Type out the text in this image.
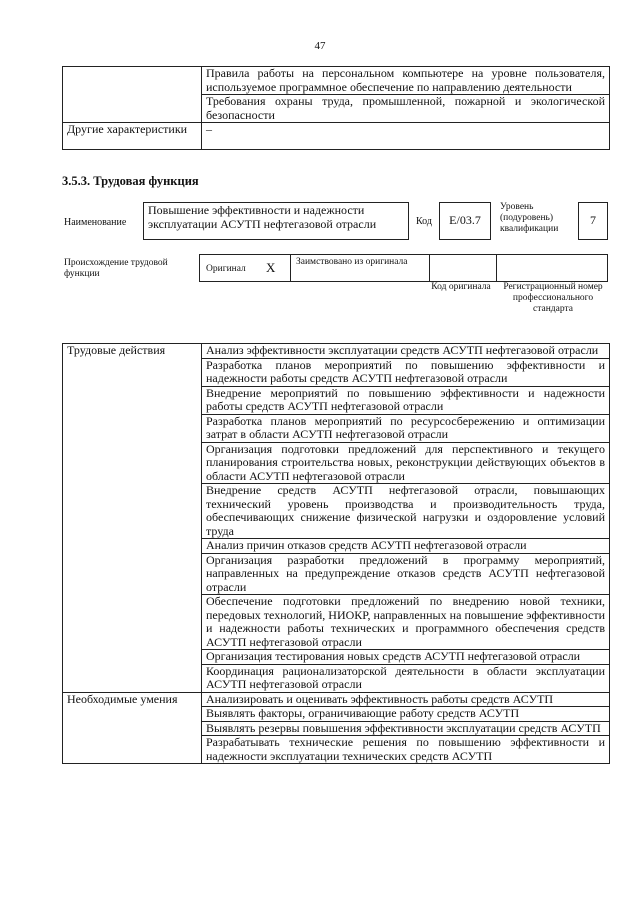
47
	Правила работы на персональном компьютере на уровне пользователя, используемое программное обеспечение по направлению деятельности
	Требования охраны труда, промышленной, пожарной и экологической безопасности
Другие характеристики	–
3.5.3. Трудовая функция
Наименование
Повышение эффективности и надежности эксплуатации АСУТП нефтегазовой отрасли	Код	E/03.7
Уровень (подуровень) квалификации
7
Происхождение трудовой функции	Оригинал X Заимствовано из оригинала
Код оригинала	Регистрационный номер профессионального стандарта
Трудовые действия	Анализ эффективности эксплуатации средств АСУТП нефтегазовой отрасли
	Разработка планов мероприятий по повышению эффективности и надежности работы средств АСУТП нефтегазовой отрасли
	Внедрение мероприятий по повышению эффективности и надежности работы средств АСУТП нефтегазовой отрасли
	Разработка планов мероприятий по ресурсосбережению и оптимизации затрат в области АСУТП нефтегазовой отрасли
	Организация подготовки предложений для перспективного и текущего планирования строительства новых, реконструкции действующих объектов в области АСУТП нефтегазовой отрасли
	Внедрение средств АСУТП нефтегазовой отрасли, повышающих технический уровень производства и производительность труда, обеспечивающих снижение физической нагрузки и оздоровление условий труда
	Анализ причин отказов средств АСУТП нефтегазовой отрасли
	Организация разработки предложений в программу мероприятий, направленных на предупреждение отказов средств АСУТП нефтегазовой отрасли
	Обеспечение подготовки предложений по внедрению новой техники, передовых технологий, НИОКР, направленных на повышение эффективности и надежности работы технических и программного обеспечения средств АСУТП нефтегазовой отрасли
	Организация тестирования новых средств АСУТП нефтегазовой отрасли
	Координация рационализаторской деятельности в области эксплуатации АСУТП нефтегазовой отрасли
Необходимые умения	Анализировать и оценивать эффективность работы средств АСУТП
	Выявлять факторы, ограничивающие работу средств АСУТП
	Выявлять резервы повышения эффективности эксплуатации средств АСУТП
	Разрабатывать технические решения по повышению эффективности и надежности эксплуатации технических средств АСУТП
